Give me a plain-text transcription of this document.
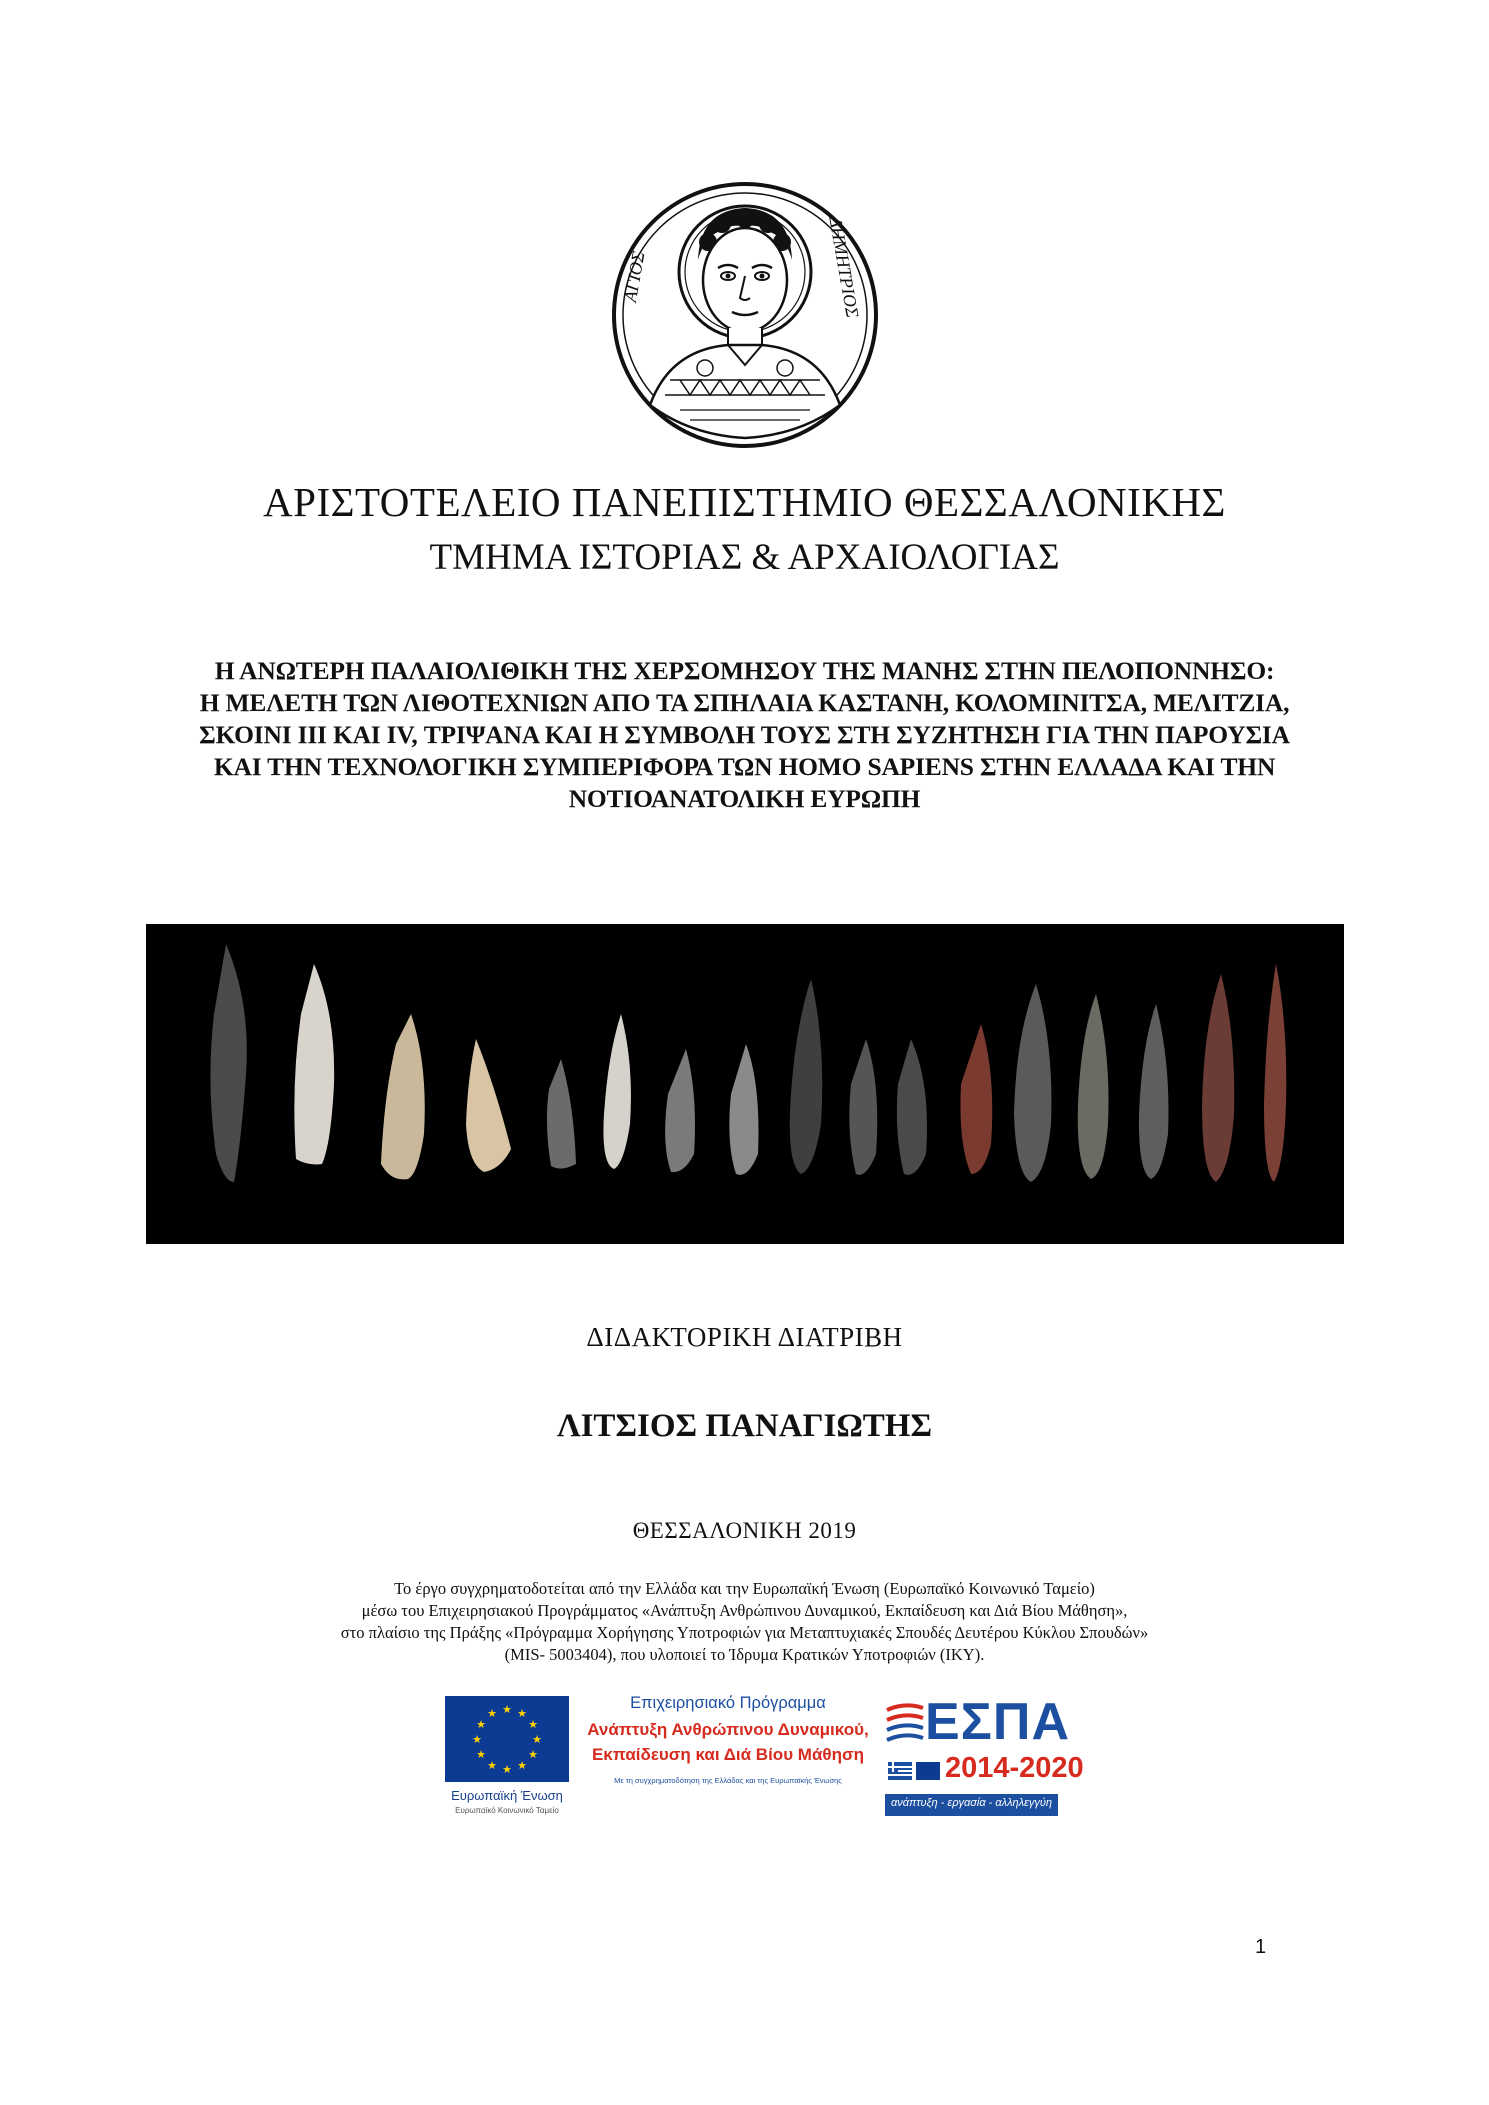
ΑΓΙΟΣ	ΔΗΜΗΤΡΙΟΣ
ΑΡΙΣΤΟΤΕΛΕΙΟ ΠΑΝΕΠΙΣΤΗΜΙΟ ΘΕΣΣΑΛΟΝΙΚΗΣ
ΤΜΗΜΑ ΙΣΤΟΡΙΑΣ & ΑΡΧΑΙΟΛΟΓΙΑΣ
Η ΑΝΩΤΕΡΗ ΠΑΛΑΙΟΛΙΘΙΚΗ ΤΗΣ ΧΕΡΣΟΜΗΣΟΥ ΤΗΣ ΜΑΝΗΣ ΣΤΗΝ ΠΕΛΟΠΟΝΝΗΣΟ:
Η ΜΕΛΕΤΗ ΤΩΝ ΛΙΘΟΤΕΧΝΙΩΝ ΑΠΟ ΤΑ ΣΠΗΛΑΙΑ ΚΑΣΤΑΝΗ, ΚΟΛΟΜΙΝΙΤΣΑ, ΜΕΛΙΤΖΙΑ,
ΣΚΟΙΝΙ ΙΙΙ ΚΑΙ IV, ΤΡΙΨΑΝΑ ΚΑΙ Η ΣΥΜΒΟΛΗ ΤΟΥΣ ΣΤΗ ΣΥΖΗΤΗΣΗ ΓΙΑ ΤΗΝ ΠΑΡΟΥΣΙΑ
ΚΑΙ ΤΗΝ ΤΕΧΝΟΛΟΓΙΚΗ ΣΥΜΠΕΡΙΦΟΡΑ ΤΩΝ HOMO SAPIENS ΣΤΗΝ ΕΛΛΑΔΑ ΚΑΙ ΤΗΝ
ΝΟΤΙΟΑΝΑΤΟΛΙΚΗ ΕΥΡΩΠΗ
ΔΙΔΑΚΤΟΡΙΚΗ ΔΙΑΤΡΙΒΗ
ΛΙΤΣΙΟΣ ΠΑΝΑΓΙΩΤΗΣ
ΘΕΣΣΑΛΟΝΙΚΗ 2019
Το έργο συγχρηματοδοτείται από την Ελλάδα και την Ευρωπαϊκή Ένωση (Ευρωπαϊκό Κοινωνικό Ταμείο)
μέσω του Επιχειρησιακού Προγράμματος «Ανάπτυξη Ανθρώπινου Δυναμικού, Εκπαίδευση και Διά Βίου Μάθηση»,
στο πλαίσιο της Πράξης «Πρόγραμμα Χορήγησης Υποτροφιών για Μεταπτυχιακές Σπουδές Δευτέρου Κύκλου Σπουδών»
(MIS- 5003404), που υλοποιεί το Ίδρυμα Κρατικών Υποτροφιών (ΙΚΥ).
★ ★
★
★
★
★
★
★
★
★
★
★
Ευρωπαϊκή Ένωση
Ευρωπαϊκό Κοινωνικό Ταμείο
Επιχειρησιακό Πρόγραμμα
Ανάπτυξη Ανθρώπινου Δυναμικού,
Εκπαίδευση και Διά Βίου Μάθηση
Με τη συγχρηματοδότηση της Ελλάδας και της Ευρωπαϊκής Ένωσης
ΕΣΠΑ
2014-2020
ανάπτυξη - εργασία - αλληλεγγύη
1
